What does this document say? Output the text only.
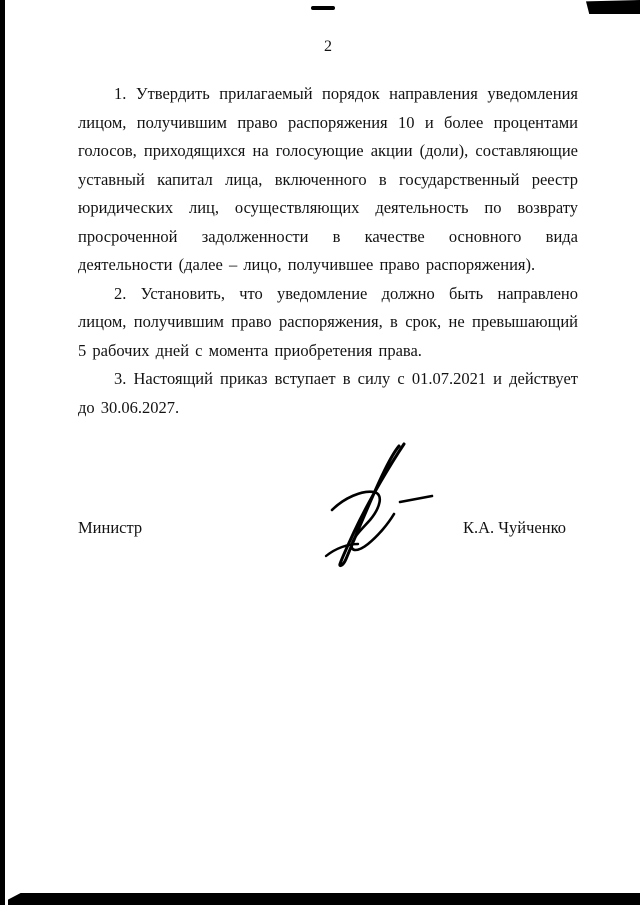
2

1. Утвердить прилагаемый порядок направления уведомления лицом, получившим право распоряжения 10 и более процентами голосов, приходящихся на голосующие акции (доли), составляющие уставный капитал лица, включенного в государственный реестр юридических лиц, осуществляющих деятельность по возврату просроченной задолженности в качестве основного вида деятельности (далее – лицо, получившее право распоряжения).

2. Установить, что уведомление должно быть направлено лицом, получившим право распоряжения, в срок, не превышающий 5 рабочих дней с момента приобретения права.

3. Настоящий приказ вступает в силу с 01.07.2021 и действует до 30.06.2027.

Министр	К.А. Чуйченко
